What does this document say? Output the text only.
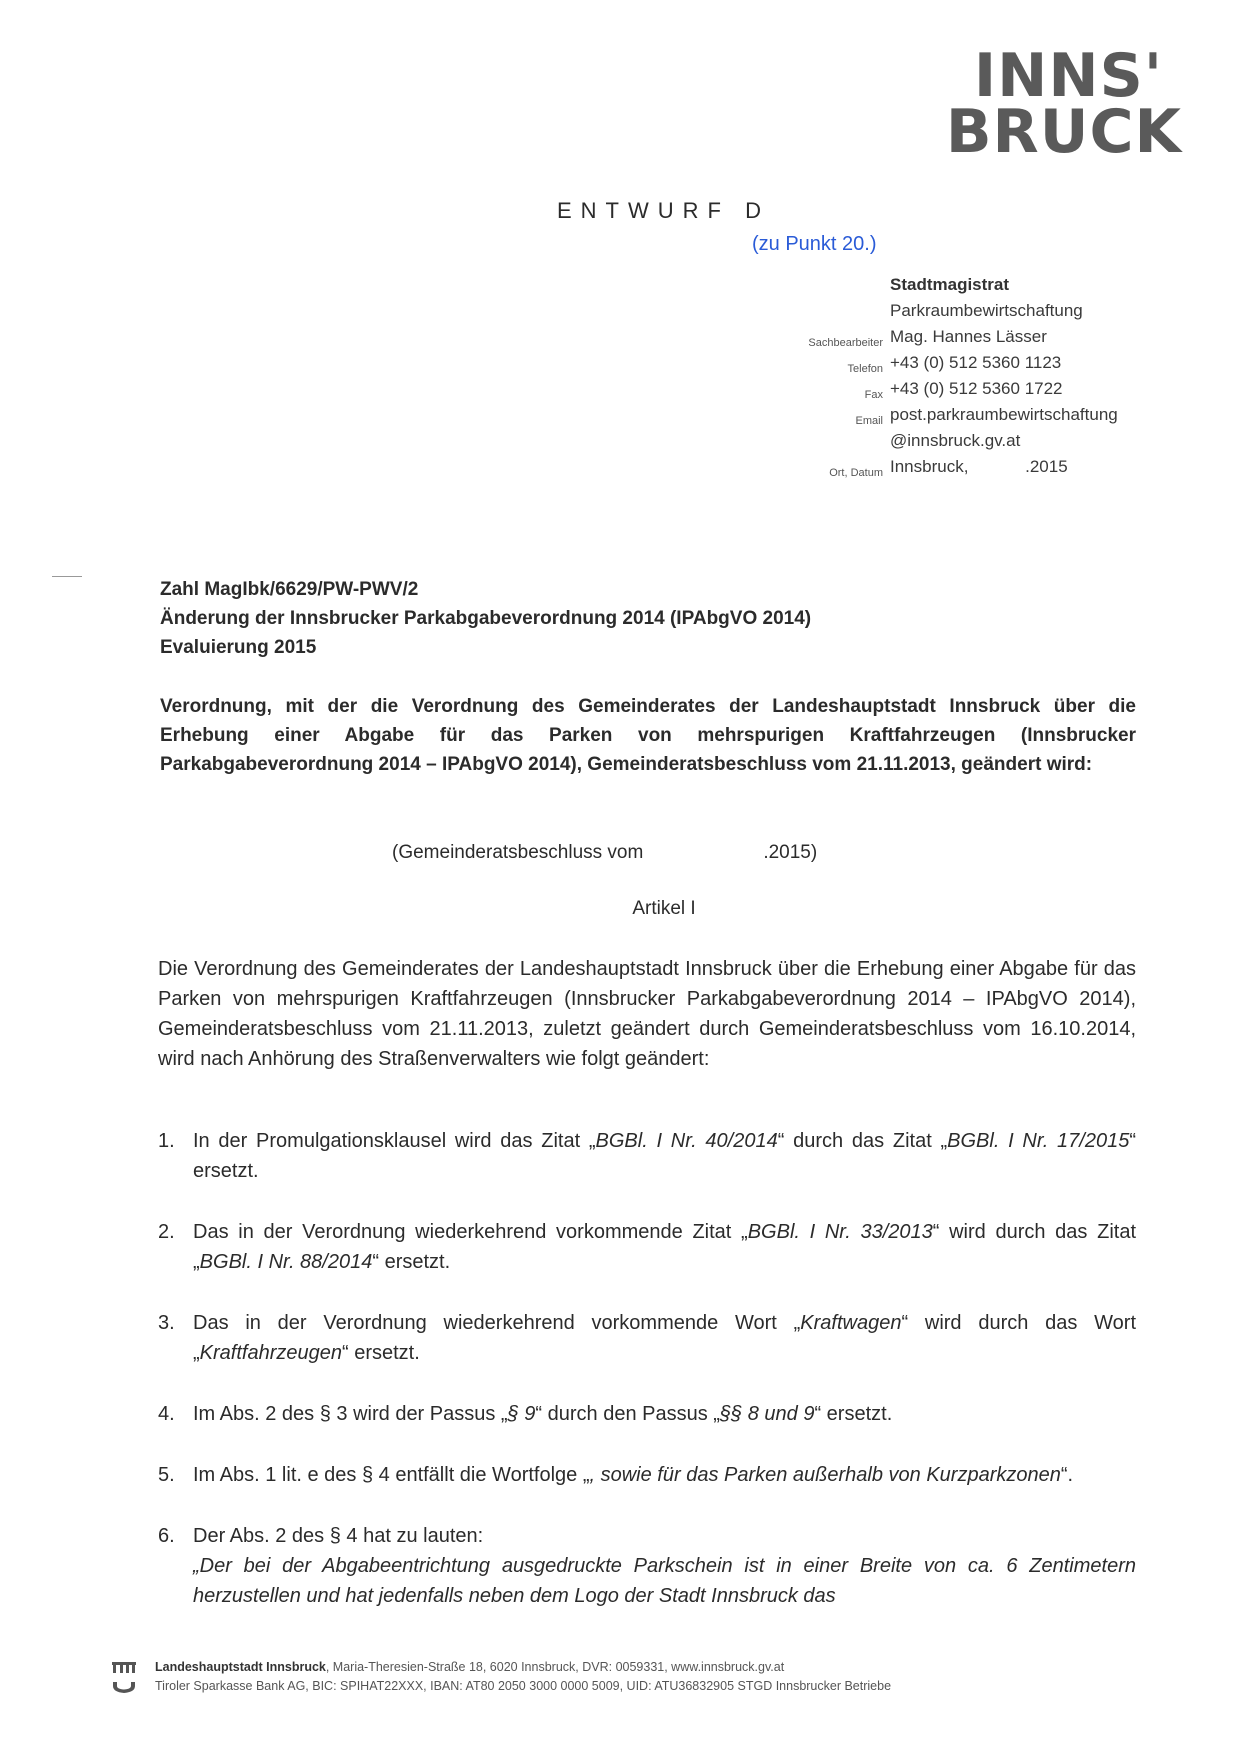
INNS'
BRUCK
ENTWURF D
(zu Punkt 20.)
Sachbearbeiter
Telefon
Fax
Email
Ort, Datum
Stadtmagistrat
Parkraumbewirtschaftung
Mag. Hannes Lässer
+43 (0) 512 5360 1123
+43 (0) 512 5360 1722
post.parkraumbewirtschaftung
@innsbruck.gv.at
Innsbruck,            .2015
Zahl MagIbk/6629/PW-PWV/2
Änderung der Innsbrucker Parkabgabeverordnung 2014 (IPAbgVO 2014)
Evaluierung 2015
Verordnung, mit der die Verordnung des Gemeinderates der Landeshauptstadt Innsbruck über die Erhebung einer Abgabe für das Parken von mehrspurigen Kraftfahrzeugen (Innsbrucker Parkabgabeverordnung 2014 – IPAbgVO 2014), Gemeinderatsbeschluss vom 21.11.2013, geändert wird:
(Gemeinderatsbeschluss vom	.2015)
Artikel I
Die Verordnung des Gemeinderates der Landeshauptstadt Innsbruck über die Erhebung einer Abgabe für das Parken von mehrspurigen Kraftfahrzeugen (Innsbrucker Parkabgabeverordnung 2014 – IPAbgVO 2014), Gemeinderatsbeschluss vom 21.11.2013, zuletzt geändert durch Gemeinderatsbeschluss vom 16.10.2014, wird nach Anhörung des Straßenverwalters wie folgt geändert:
1. In der Promulgationsklausel wird das Zitat „BGBl. I Nr. 40/2014“ durch das Zitat „BGBl. I Nr. 17/2015“ ersetzt.
2. Das in der Verordnung wiederkehrend vorkommende Zitat „BGBl. I Nr. 33/2013“ wird durch das Zitat „BGBl. I Nr. 88/2014“ ersetzt.
3. Das in der Verordnung wiederkehrend vorkommende Wort „Kraftwagen“ wird durch das Wort „Kraftfahrzeugen“ ersetzt.
4. Im Abs. 2 des § 3 wird der Passus „§ 9“ durch den Passus „§§ 8 und 9“ ersetzt.
5. Im Abs. 1 lit. e des § 4 entfällt die Wortfolge „, sowie für das Parken außerhalb von Kurzparkzonen“.
6. Der Abs. 2 des § 4 hat zu lauten:
„Der bei der Abgabeentrichtung ausgedruckte Parkschein ist in einer Breite von ca. 6 Zentimetern herzustellen und hat jedenfalls neben dem Logo der Stadt Innsbruck das
Landeshauptstadt Innsbruck, Maria-Theresien-Straße 18, 6020 Innsbruck, DVR: 0059331, www.innsbruck.gv.at
Tiroler Sparkasse Bank AG, BIC: SPIHAT22XXX, IBAN: AT80 2050 3000 0000 5009, UID: ATU36832905 STGD Innsbrucker Betriebe
